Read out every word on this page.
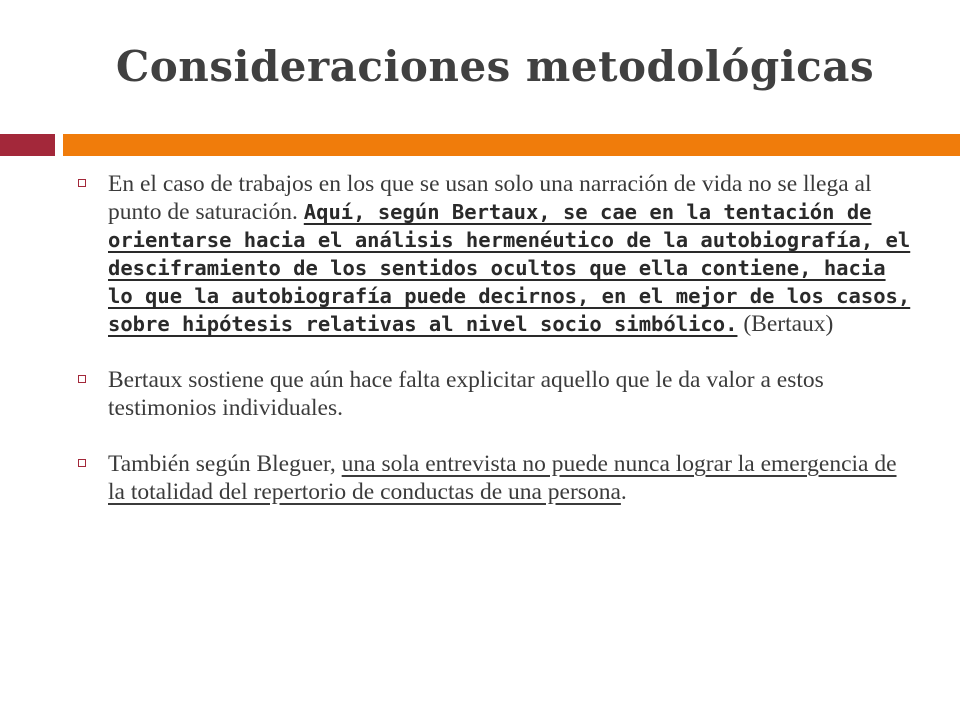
Consideraciones metodológicas
En el caso de trabajos en los que se usan solo una narración de vida no se llega al punto de saturación. Aquí, según Bertaux, se cae en la tentación de orientarse hacia el análisis hermenéutico de la autobiografía, el desciframiento de los sentidos ocultos que ella contiene, hacia lo que la autobiografía puede decirnos, en el mejor de los casos, sobre hipótesis relativas al nivel socio simbólico. (Bertaux)
Bertaux sostiene que aún hace falta explicitar aquello que le da valor a estos testimonios individuales.
También según Bleguer, una sola entrevista no puede nunca lograr la emergencia de la totalidad del repertorio de conductas de una persona.
